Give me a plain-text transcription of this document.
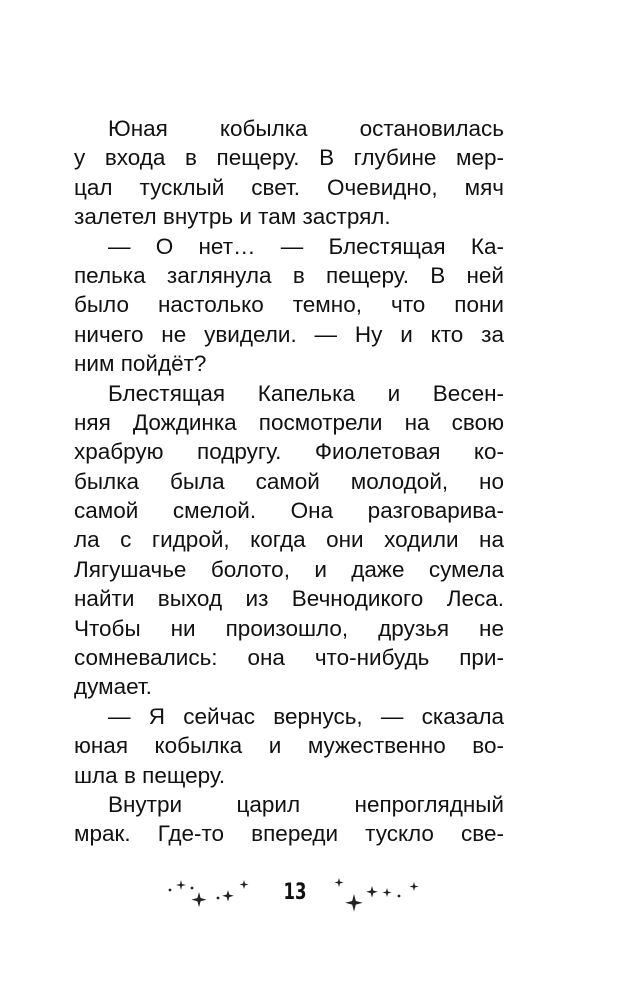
Юная кобылка остановилась
у входа в пещеру. В глубине мер-
цал тусклый свет. Очевидно, мяч
залетел внутрь и там застрял.
— О нет… — Блестящая Ка-
пелька заглянула в пещеру. В ней
было настолько темно, что пони
ничего не увидели. — Ну и кто за
ним пойдёт?
Блестящая Капелька и Весен-
няя Дождинка посмотрели на свою
храбрую подругу. Фиолетовая ко-
былка была самой молодой, но
самой смелой. Она разговарива-
ла с гидрой, когда они ходили на
Лягушачье болото, и даже сумела
найти выход из Вечнодикого Леса.
Чтобы ни произошло, друзья не
сомневались: она что-нибудь при-
думает.
— Я сейчас вернусь, — сказала
юная кобылка и мужественно во-
шла в пещеру.
Внутри царил непроглядный
мрак. Где-то впереди тускло све-
13
